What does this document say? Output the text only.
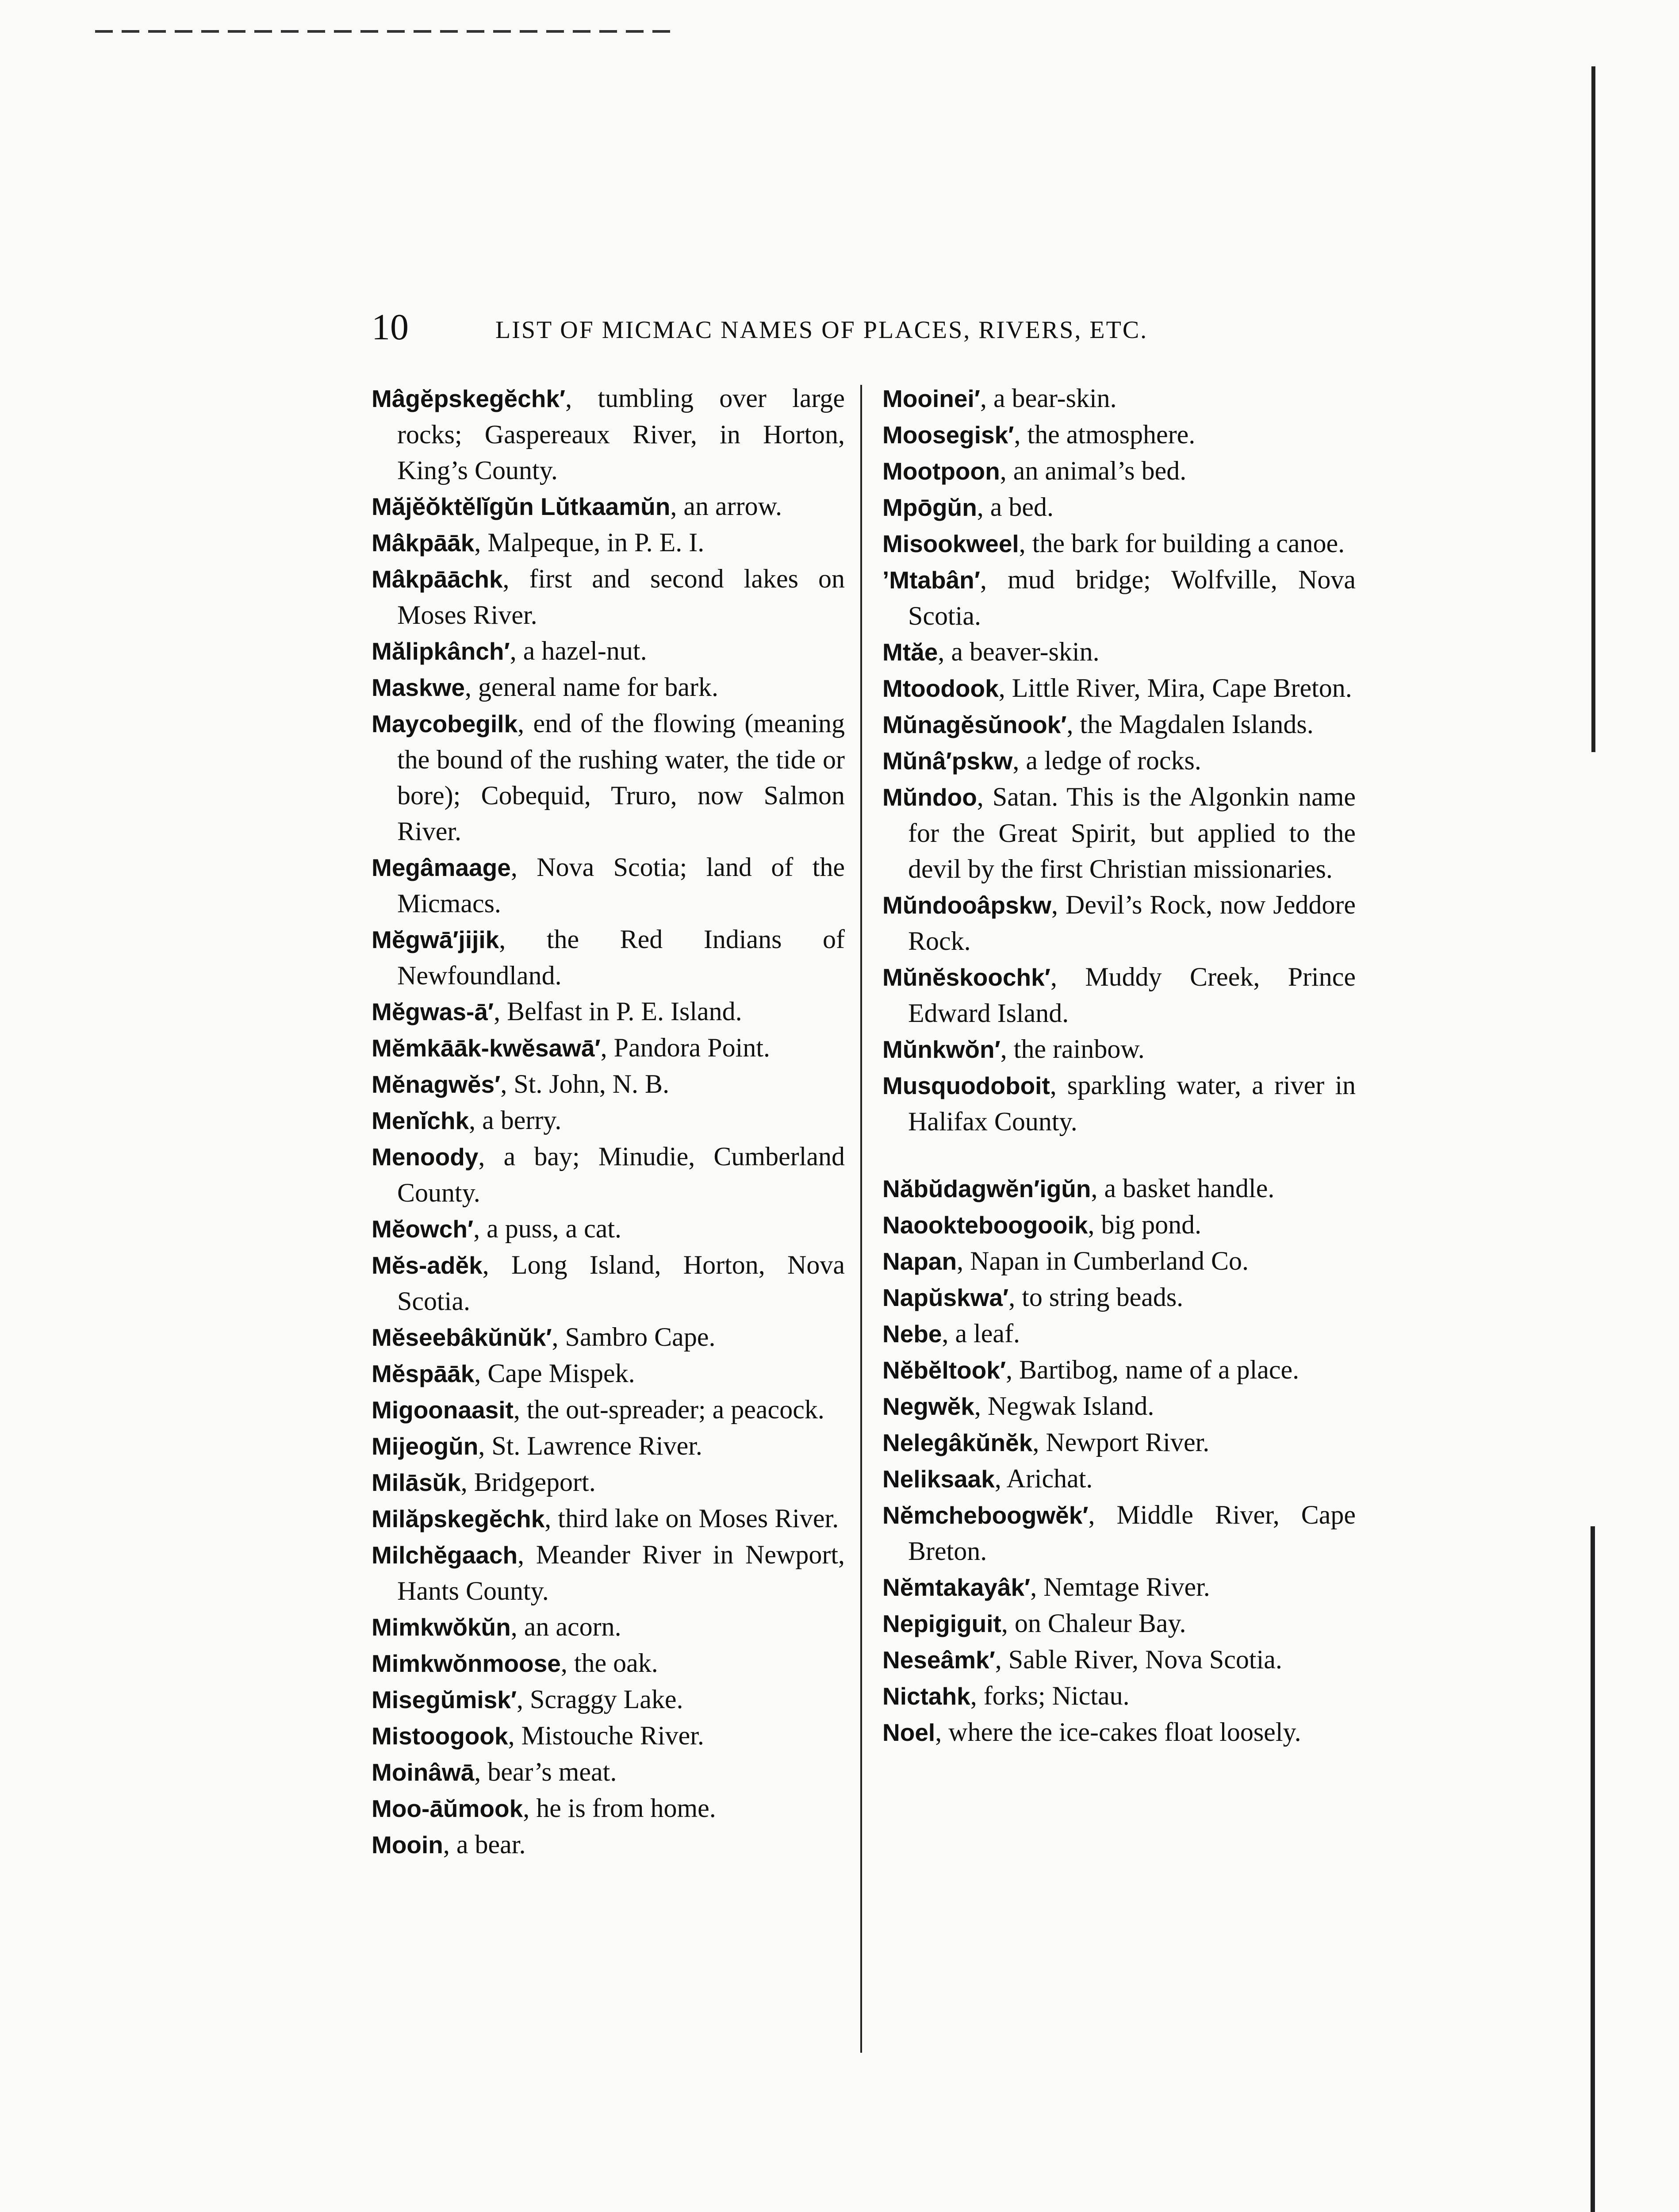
10	LIST OF MICMAC NAMES OF PLACES, RIVERS, ETC.
Mâgĕpskegĕchk′, tumbling over large rocks; Gaspereaux River, in Horton, King’s County.
Măjĕŏktĕlĭgŭn Lŭtkaamŭn, an arrow.
Mâkpāāk, Malpeque, in P. E. I.
Mâkpāāchk, first and second lakes on Moses River.
Mălipkânch′, a hazel-nut.
Maskwe, general name for bark.
Maycobegilk, end of the flowing (meaning the bound of the rushing water, the tide or bore); Cobequid, Truro, now Salmon River.
Megâmaage, Nova Scotia; land of the Micmacs.
Mĕgwā′jijik, the Red Indians of Newfoundland.
Mĕgwas-ā′, Belfast in P. E. Island.
Mĕmkāāk-kwĕsawā′, Pandora Point.
Mĕnagwĕs′, St. John, N. B.
Menĭchk, a berry.
Menoody, a bay; Minudie, Cumberland County.
Mĕowch′, a puss, a cat.
Mĕs-adĕk, Long Island, Horton, Nova Scotia.
Mĕseebâkŭnŭk′, Sambro Cape.
Mĕspāāk, Cape Mispek.
Migoonaasit, the out-spreader; a peacock.
Mijeogŭn, St. Lawrence River.
Milāsŭk, Bridgeport.
Milăpskegĕchk, third lake on Moses River.
Milchĕgaach, Meander River in Newport, Hants County.
Mimkwŏkŭn, an acorn.
Mimkwŏnmoose, the oak.
Misegŭmisk′, Scraggy Lake.
Mistoogook, Mistouche River.
Moinâwā, bear’s meat.
Moo-āŭmook, he is from home.
Mooin, a bear.
Mooinei′, a bear-skin.
Moosegisk′, the atmosphere.
Mootpoon, an animal’s bed.
Mpōgŭn, a bed.
Misookweel, the bark for building a canoe.
’Mtabân′, mud bridge; Wolfville, Nova Scotia.
Mtăe, a beaver-skin.
Mtoodook, Little River, Mira, Cape Breton.
Mŭnagĕsŭnook′, the Magdalen Islands.
Mŭnâ′pskw, a ledge of rocks.
Mŭndoo, Satan. This is the Algonkin name for the Great Spirit, but applied to the devil by the first Christian missionaries.
Mŭndooâpskw, Devil’s Rock, now Jeddore Rock.
Mŭnĕskoochk′, Muddy Creek, Prince Edward Island.
Mŭnkwŏn′, the rainbow.
Musquodoboit, sparkling water, a river in Halifax County.
Năbŭdagwĕn′igŭn, a basket handle.
Naookteboogooik, big pond.
Napan, Napan in Cumberland Co.
Napŭskwa′, to string beads.
Nebe, a leaf.
Nĕbĕltook′, Bartibog, name of a place.
Negwĕk, Negwak Island.
Nelegâkŭnĕk, Newport River.
Neliksaak, Arichat.
Nĕmcheboogwĕk′, Middle River, Cape Breton.
Nĕmtakayâk′, Nemtage River.
Nepigiguit, on Chaleur Bay.
Neseâmk′, Sable River, Nova Scotia.
Nictahk, forks; Nictau.
Noel, where the ice-cakes float loosely.
